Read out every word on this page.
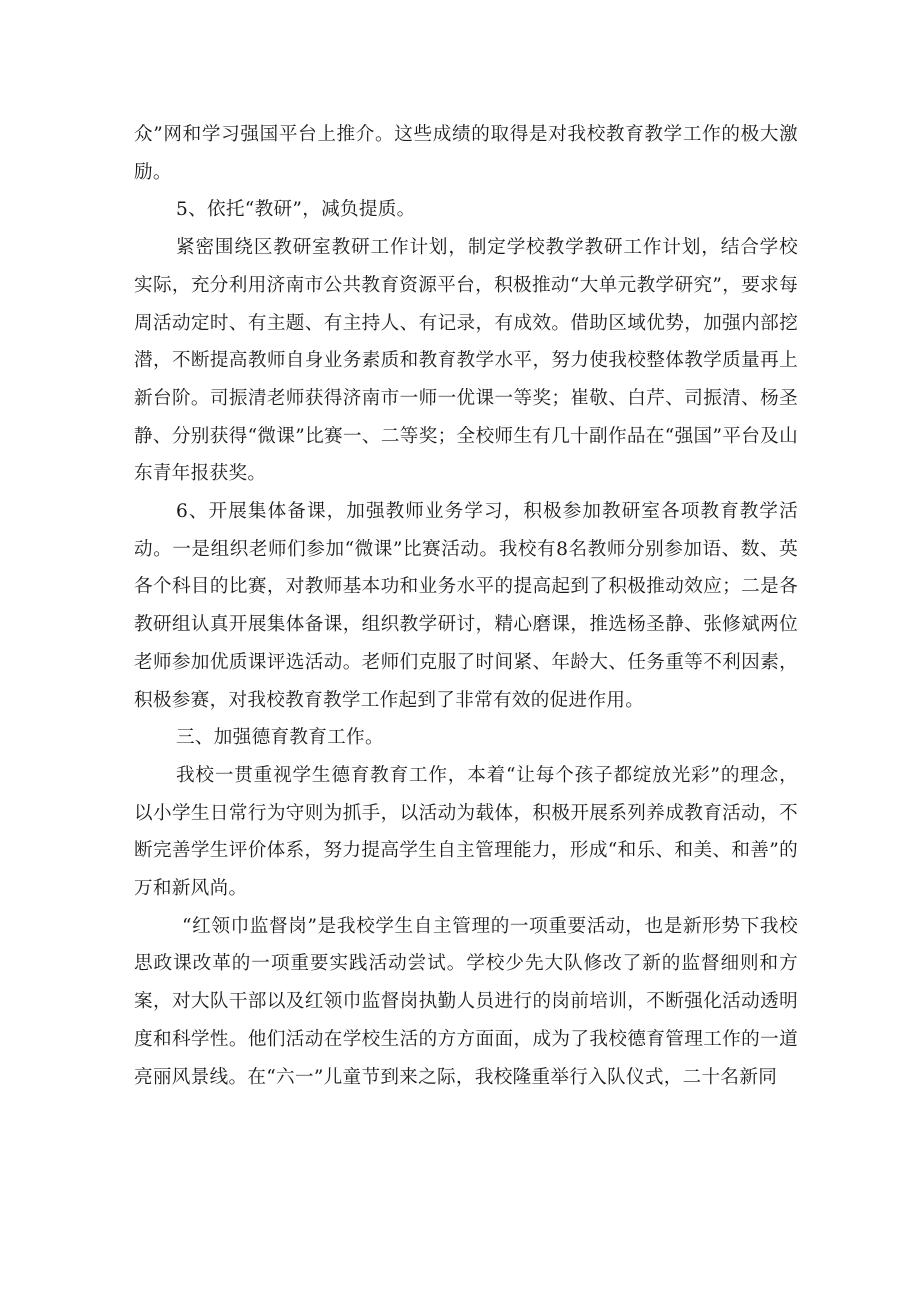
众”网和学习强国平台上推介。这些成绩的取得是对我校教育教学工作的极大激励。

5、依托“教研”，减负提质。

紧密围绕区教研室教研工作计划，制定学校教学教研工作计划，结合学校实际，充分利用济南市公共教育资源平台，积极推动“大单元教学研究”，要求每周活动定时、有主题、有主持人、有记录，有成效。借助区域优势，加强内部挖潜，不断提高教师自身业务素质和教育教学水平，努力使我校整体教学质量再上新台阶。司振清老师获得济南市一师一优课一等奖；崔敬、白芹、司振清、杨圣静、分别获得“微课”比赛一、二等奖；全校师生有几十副作品在“强国”平台及山东青年报获奖。

6、开展集体备课，加强教师业务学习，积极参加教研室各项教育教学活动。一是组织老师们参加“微课”比赛活动。我校有8名教师分别参加语、数、英各个科目的比赛，对教师基本功和业务水平的提高起到了积极推动效应；二是各教研组认真开展集体备课，组织教学研讨，精心磨课，推选杨圣静、张修斌两位老师参加优质课评选活动。老师们克服了时间紧、年龄大、任务重等不利因素，积极参赛，对我校教育教学工作起到了非常有效的促进作用。

三、加强德育教育工作。

我校一贯重视学生德育教育工作，本着“让每个孩子都绽放光彩”的理念，以小学生日常行为守则为抓手，以活动为载体，积极开展系列养成教育活动，不断完善学生评价体系，努力提高学生自主管理能力，形成“和乐、和美、和善”的万和新风尚。

“红领巾监督岗”是我校学生自主管理的一项重要活动，也是新形势下我校思政课改革的一项重要实践活动尝试。学校少先大队修改了新的监督细则和方案，对大队干部以及红领巾监督岗执勤人员进行的岗前培训，不断强化活动透明度和科学性。他们活动在学校生活的方方面面，成为了我校德育管理工作的一道亮丽风景线。在“六一”儿童节到来之际，我校隆重举行入队仪式，二十名新同
